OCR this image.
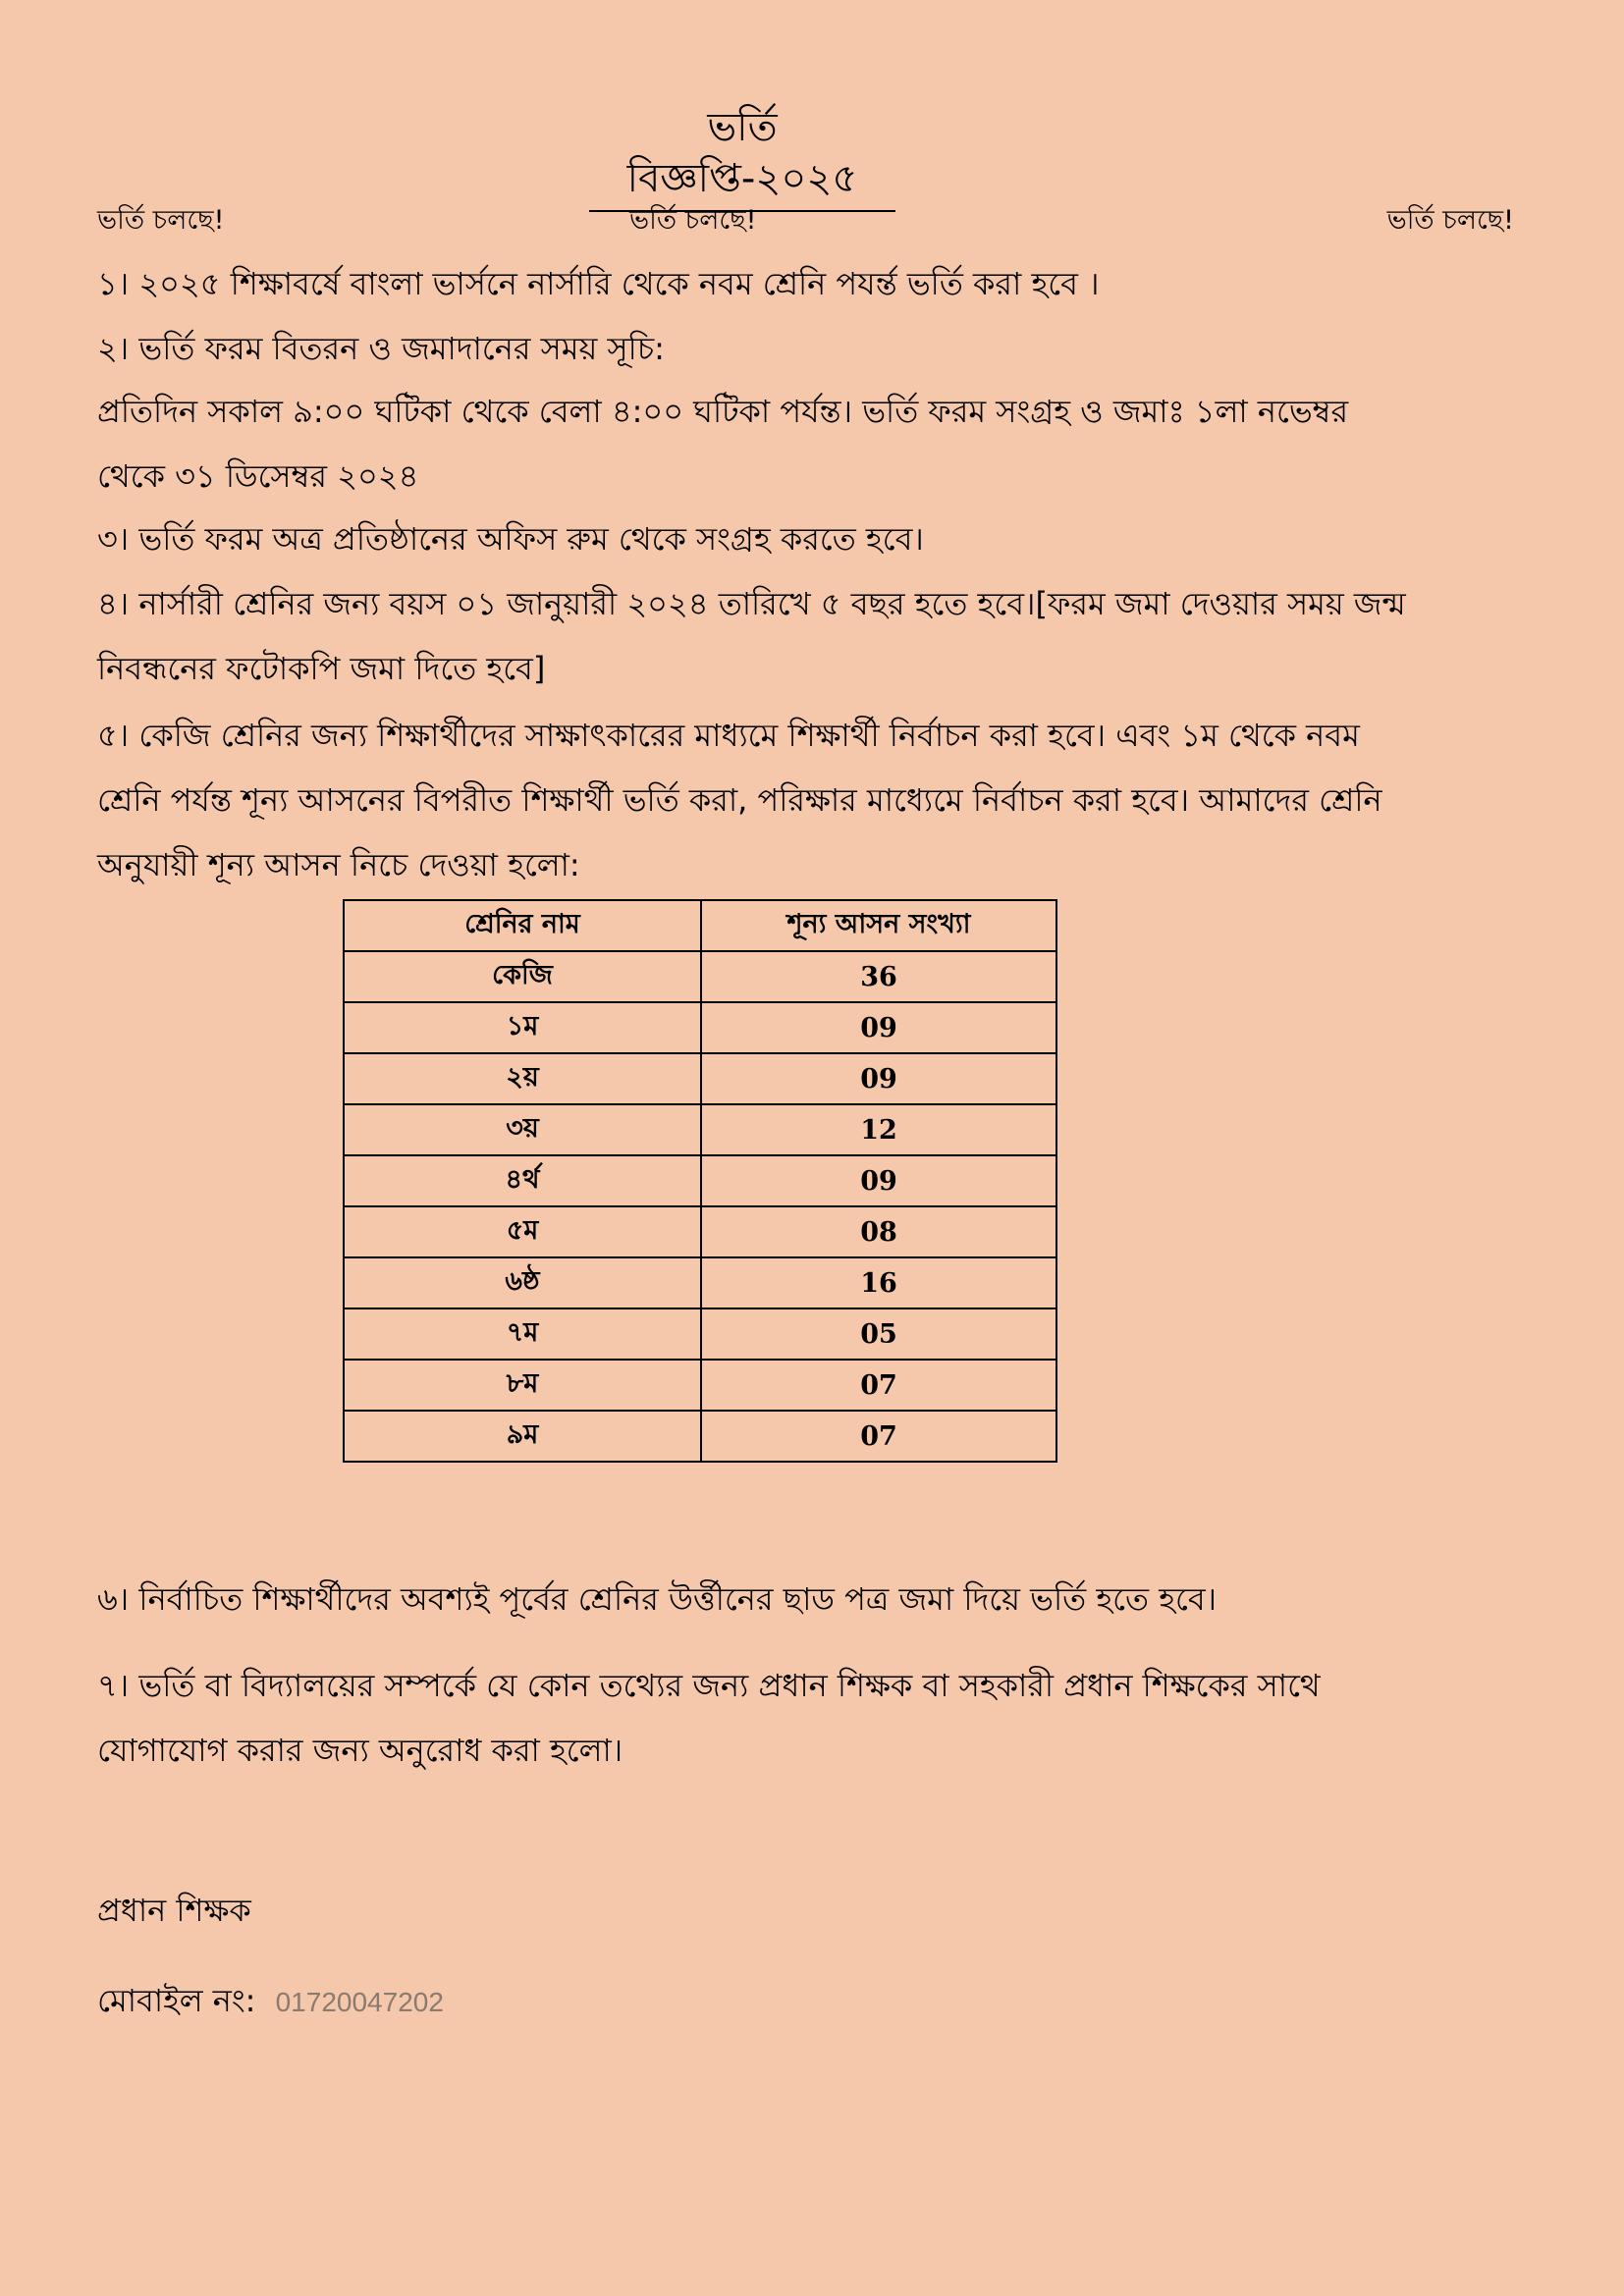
ভর্তি বিজ্ঞপ্তি-২০২৫
ভর্তি চলছে!	ভর্তি চলছে!	ভর্তি চলছে!
১। ২০২৫ শিক্ষাবর্ষে বাংলা ভার্সনে নার্সারি থেকে নবম শ্রেনি পযর্ন্ত ভর্তি করা হবে ।
২। ভর্তি ফরম বিতরন ও জমাদানের সময় সূচি:
প্রতিদিন সকাল ৯:০০ ঘটিকা থেকে বেলা ৪:০০ ঘটিকা পর্যন্ত। ভর্তি ফরম সংগ্রহ ও জমাঃ ১লা নভেম্বর
থেকে ৩১ ডিসেম্বর ২০২৪
৩। ভর্তি ফরম অত্র প্রতিষ্ঠানের অফিস রুম থেকে সংগ্রহ করতে হবে।
৪। নার্সারী শ্রেনির জন্য বয়স ০১ জানুয়ারী ২০২৪ তারিখে ৫ বছর হতে হবে।[ফরম জমা দেওয়ার সময় জন্ম
নিবন্ধনের ফটোকপি জমা দিতে হবে]
৫। কেজি শ্রেনির জন্য শিক্ষার্থীদের সাক্ষাৎকারের মাধ্যমে শিক্ষার্থী নির্বাচন করা হবে। এবং ১ম থেকে নবম
শ্রেনি পর্যন্ত শূন্য আসনের বিপরীত শিক্ষার্থী ভর্তি করা, পরিক্ষার মাধ্যেমে নির্বাচন করা হবে। আমাদের শ্রেনি
অনুযায়ী শূন্য আসন নিচে দেওয়া হলো:
শ্রেনির নাম	শূন্য আসন সংখ্যা
কেজি	36
১ম	09
২য়	09
৩য়	12
৪র্থ	09
৫ম	08
৬ষ্ঠ	16
৭ম	05
৮ম	07
৯ম	07
৬। নির্বাচিত শিক্ষার্থীদের অবশ্যই পূর্বের শ্রেনির উর্ত্তীনের ছাড পত্র জমা দিয়ে ভর্তি হতে হবে।
৭। ভর্তি বা বিদ্যালয়ের সম্পর্কে যে কোন তথ্যের জন্য প্রধান শিক্ষক বা সহকারী প্রধান শিক্ষকের সাথে
যোগাযোগ করার জন্য অনুরোধ করা হলো।
প্রধান শিক্ষক
মোবাইল নং: 01720047202
